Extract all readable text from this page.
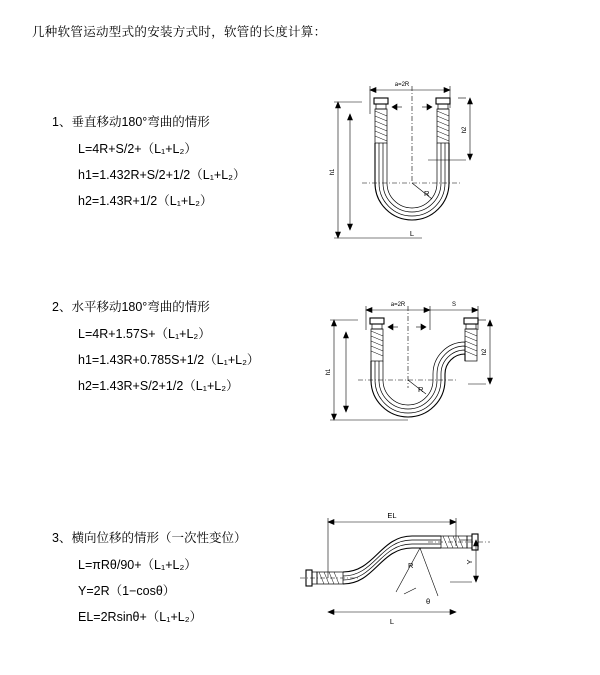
几种软管运动型式的安装方式时，软管的长度计算：
1、垂直移动180°弯曲的情形
L=4R+S/2+（L₁+L₂）
h1=1.432R+S/2+1/2（L₁+L₂）
h2=1.43R+1/2（L₁+L₂）
a=2R
h1
h2
R
L
2、水平移动180°弯曲的情形
L=4R+1.57S+（L₁+L₂）
h1=1.43R+0.785S+1/2（L₁+L₂）
h2=1.43R+S/2+1/2（L₁+L₂）
a=2R	S
h1
h2
R
3、横向位移的情形（一次性变位）
L=πRθ/90+（L₁+L₂）
Y=2R（1−cosθ）
EL=2Rsinθ+（L₁+L₂）
EL
Y
R
θ
L
